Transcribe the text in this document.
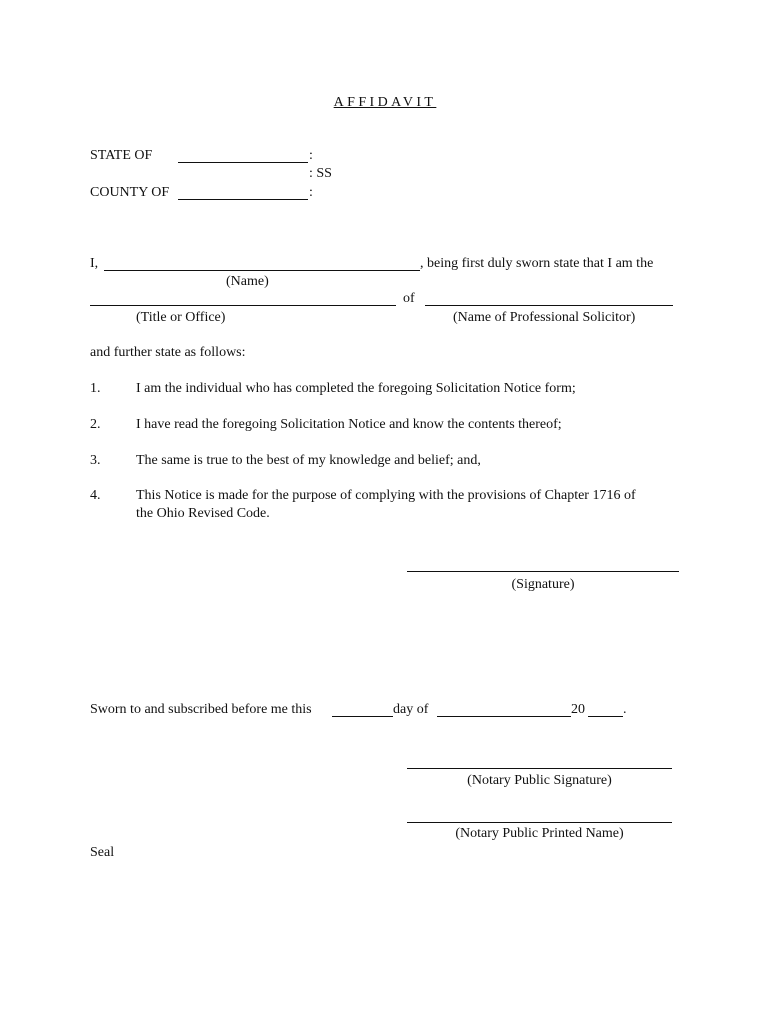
AFFIDAVIT
STATE OF	:
: SS
COUNTY OF	:
I,	, being first duly sworn state that I am the
(Name)
of
(Title or Office)	(Name of Professional Solicitor)
and further state as follows:
1.	I am the individual who has completed the foregoing Solicitation Notice form;
2.	I have read the foregoing Solicitation Notice and know the contents thereof;
3.	The same is true to the best of my knowledge and belief; and,
4.	This Notice is made for the purpose of complying with the provisions of Chapter 1716 of
the Ohio Revised Code.
(Signature)
Sworn to and subscribed before me this	day of	20	.
(Notary Public Signature)
(Notary Public Printed Name)
Seal
